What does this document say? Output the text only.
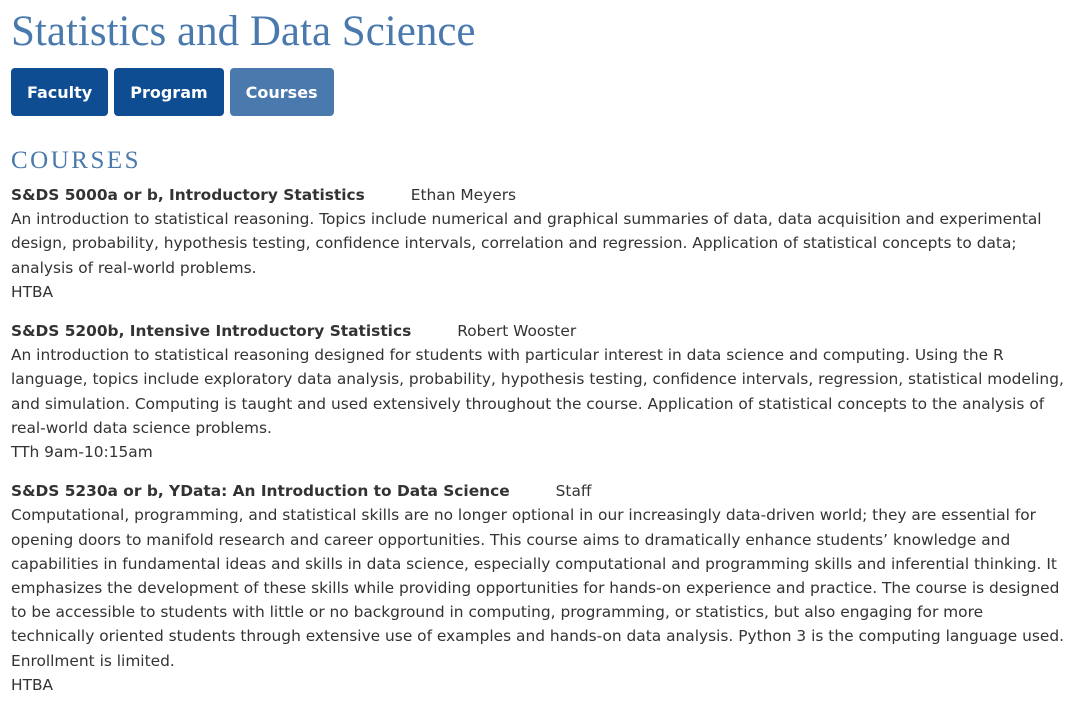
Statistics and Data Science
Faculty	Program	Courses
COURSES
S&DS 5000a or b, Introductory Statistics	Ethan Meyers
An introduction to statistical reasoning. Topics include numerical and graphical summaries of data, data acquisition and experimental design, probability, hypothesis testing, confidence intervals, correlation and regression. Application of statistical concepts to data; analysis of real-world problems.
HTBA
S&DS 5200b, Intensive Introductory Statistics	Robert Wooster
An introduction to statistical reasoning designed for students with particular interest in data science and computing. Using the R language, topics include exploratory data analysis, probability, hypothesis testing, confidence intervals, regression, statistical modeling, and simulation. Computing is taught and used extensively throughout the course. Application of statistical concepts to the analysis of real-world data science problems.
TTh 9am-10:15am
S&DS 5230a or b, YData: An Introduction to Data Science	Staff
Computational, programming, and statistical skills are no longer optional in our increasingly data-driven world; they are essential for opening doors to manifold research and career opportunities. This course aims to dramatically enhance students’ knowledge and capabilities in fundamental ideas and skills in data science, especially computational and programming skills and inferential thinking. It emphasizes the development of these skills while providing opportunities for hands-on experience and practice. The course is designed to be accessible to students with little or no background in computing, programming, or statistics, but also engaging for more technically oriented students through extensive use of examples and hands-on data analysis. Python 3 is the computing language used. Enrollment is limited.
HTBA
